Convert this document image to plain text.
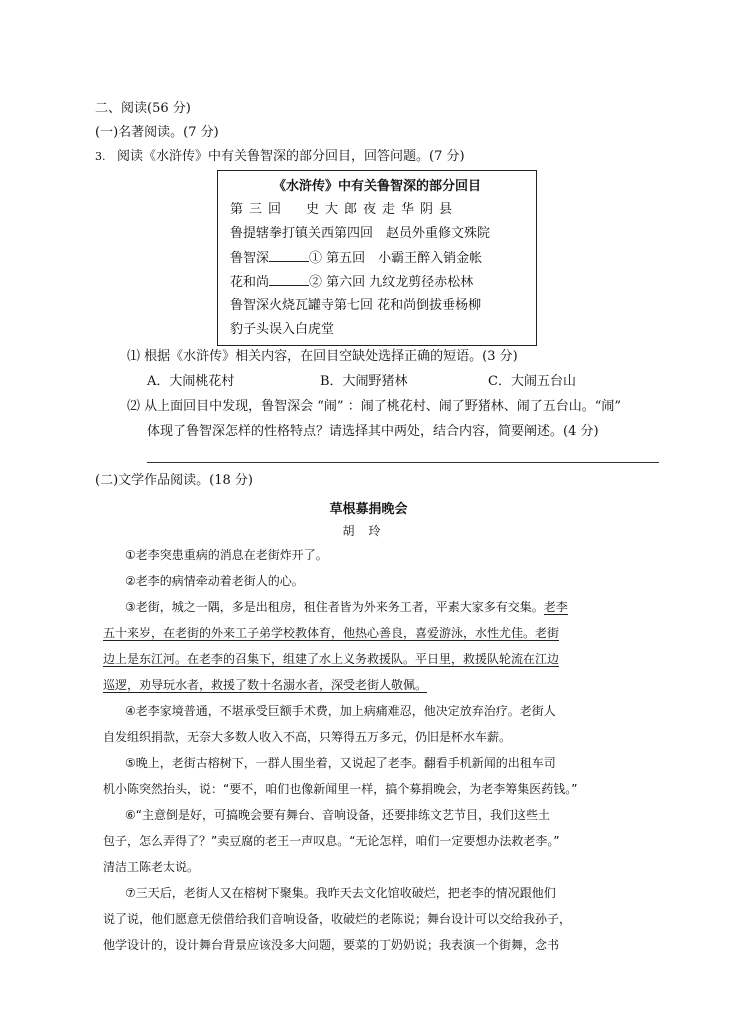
二、阅读(56 分)
(一)名著阅读。(7 分)
3. 阅读《水浒传》中有关鲁智深的部分回目，回答问题。(7 分)
《水浒传》中有关鲁智深的部分回目
第三回　史大郎夜走华阴县
鲁提辖拳打镇关西第四回　赵员外重修文殊院
鲁智深	① 第五回　小霸王醉入销金帐
花和尚	② 第六回 九纹龙剪径赤松林
鲁智深火烧瓦罐寺第七回 花和尚倒拔垂杨柳
豹子头误入白虎堂
⑴ 根据《水浒传》相关内容，在回目空缺处选择正确的短语。(3 分)
A．大闹桃花村	B．大闹野猪林	C．大闹五台山
⑵ 从上面回目中发现，鲁智深会 “闹” ：闹了桃花村、闹了野猪林、闹了五台山。“闹”
体现了鲁智深怎样的性格特点？请选择其中两处，结合内容，简要阐述。(4 分)
(二)文学作品阅读。(18 分)
草根募捐晚会
胡玲
①老李突患重病的消息在老街炸开了。
②老李的病情牵动着老街人的心。
③老街，城之一隅，多是出租房，租住者皆为外来务工者，平素大家多有交集。老李
五十来岁，在老街的外来工子弟学校教体育，他热心善良，喜爱游泳，水性尤佳。老街
边上是东江河。在老李的召集下，组建了水上义务救援队。平日里，救援队轮流在江边
巡逻，劝导玩水者，救援了数十名溺水者，深受老街人敬佩。
④老李家境普通，不堪承受巨额手术费，加上病痛难忍，他决定放弃治疗。老街人
自发组织捐款，无奈大多数人收入不高，只筹得五万多元，仍旧是杯水车薪。
⑤晚上，老街古榕树下，一群人围坐着，又说起了老李。翻看手机新闻的出租车司
机小陈突然抬头，说：“要不，咱们也像新闻里一样，搞个募捐晚会，为老李筹集医药钱。”
⑥“主意倒是好，可搞晚会要有舞台、音响设备，还要排练文艺节目，我们这些土
包子，怎么弄得了？”卖豆腐的老王一声叹息。“无论怎样，咱们一定要想办法救老李。”
清洁工陈老太说。
⑦三天后，老街人又在榕树下聚集。我昨天去文化馆收破烂，把老李的情况跟他们
说了说，他们愿意无偿借给我们音响设备，收破烂的老陈说；舞台设计可以交给我孙子，
他学设计的，设计舞台背景应该没多大问题，要菜的丁奶奶说；我表演一个街舞，念书
